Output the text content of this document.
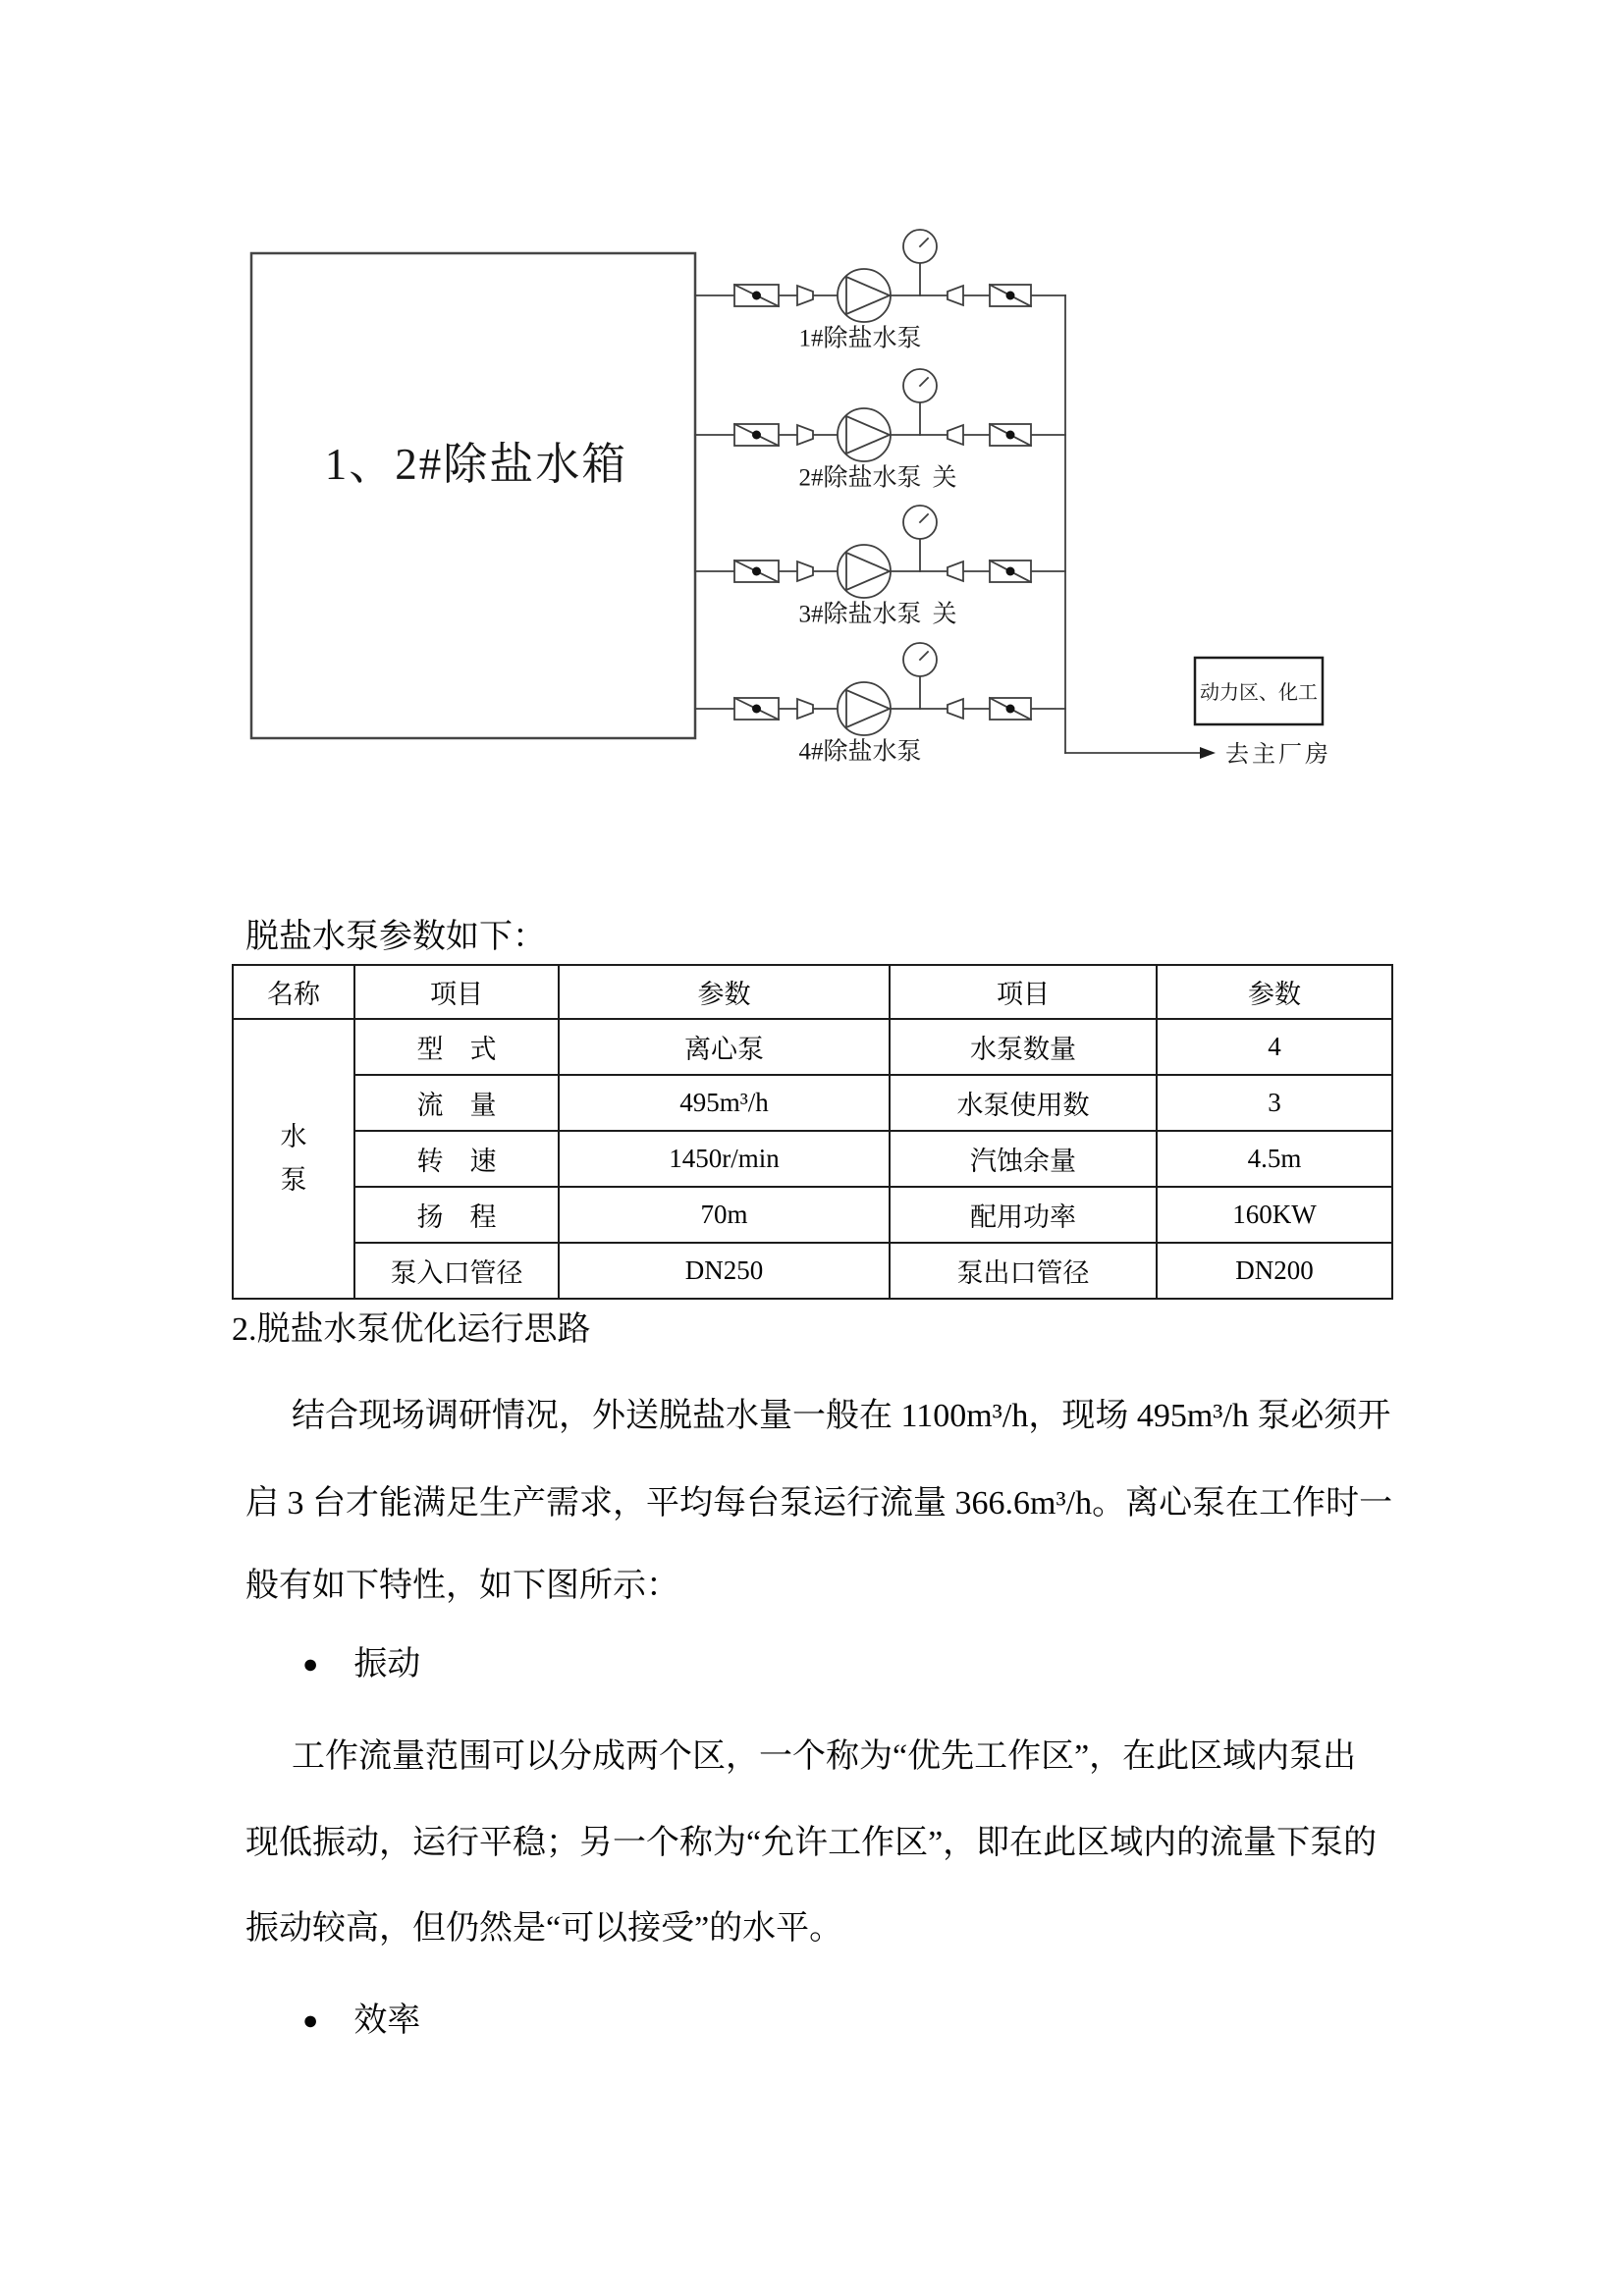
1、2#除盐水箱
1#除盐水泵
2#除盐水泵 关
3#除盐水泵 关
4#除盐水泵	去主厂房
动力区、化工
脱盐水泵参数如下：
名称	项目	参数	项目	参数
水泵	型　式	离心泵	水泵数量	4
	流　量	495m³/h	水泵使用数	3
	转　速	1450r/min	汽蚀余量	4.5m
	扬　程	70m	配用功率	160KW
	泵入口管径	DN250	泵出口管径	DN200
2.脱盐水泵优化运行思路
结合现场调研情况，外送脱盐水量一般在 1100m³/h，现场 495m³/h 泵必须开
启 3 台才能满足生产需求，平均每台泵运行流量 366.6m³/h。离心泵在工作时一
般有如下特性，如下图所示：
● 振动
工作流量范围可以分成两个区，一个称为“优先工作区”，在此区域内泵出
现低振动，运行平稳；另一个称为“允许工作区”，即在此区域内的流量下泵的
振动较高，但仍然是“可以接受”的水平。
● 效率
